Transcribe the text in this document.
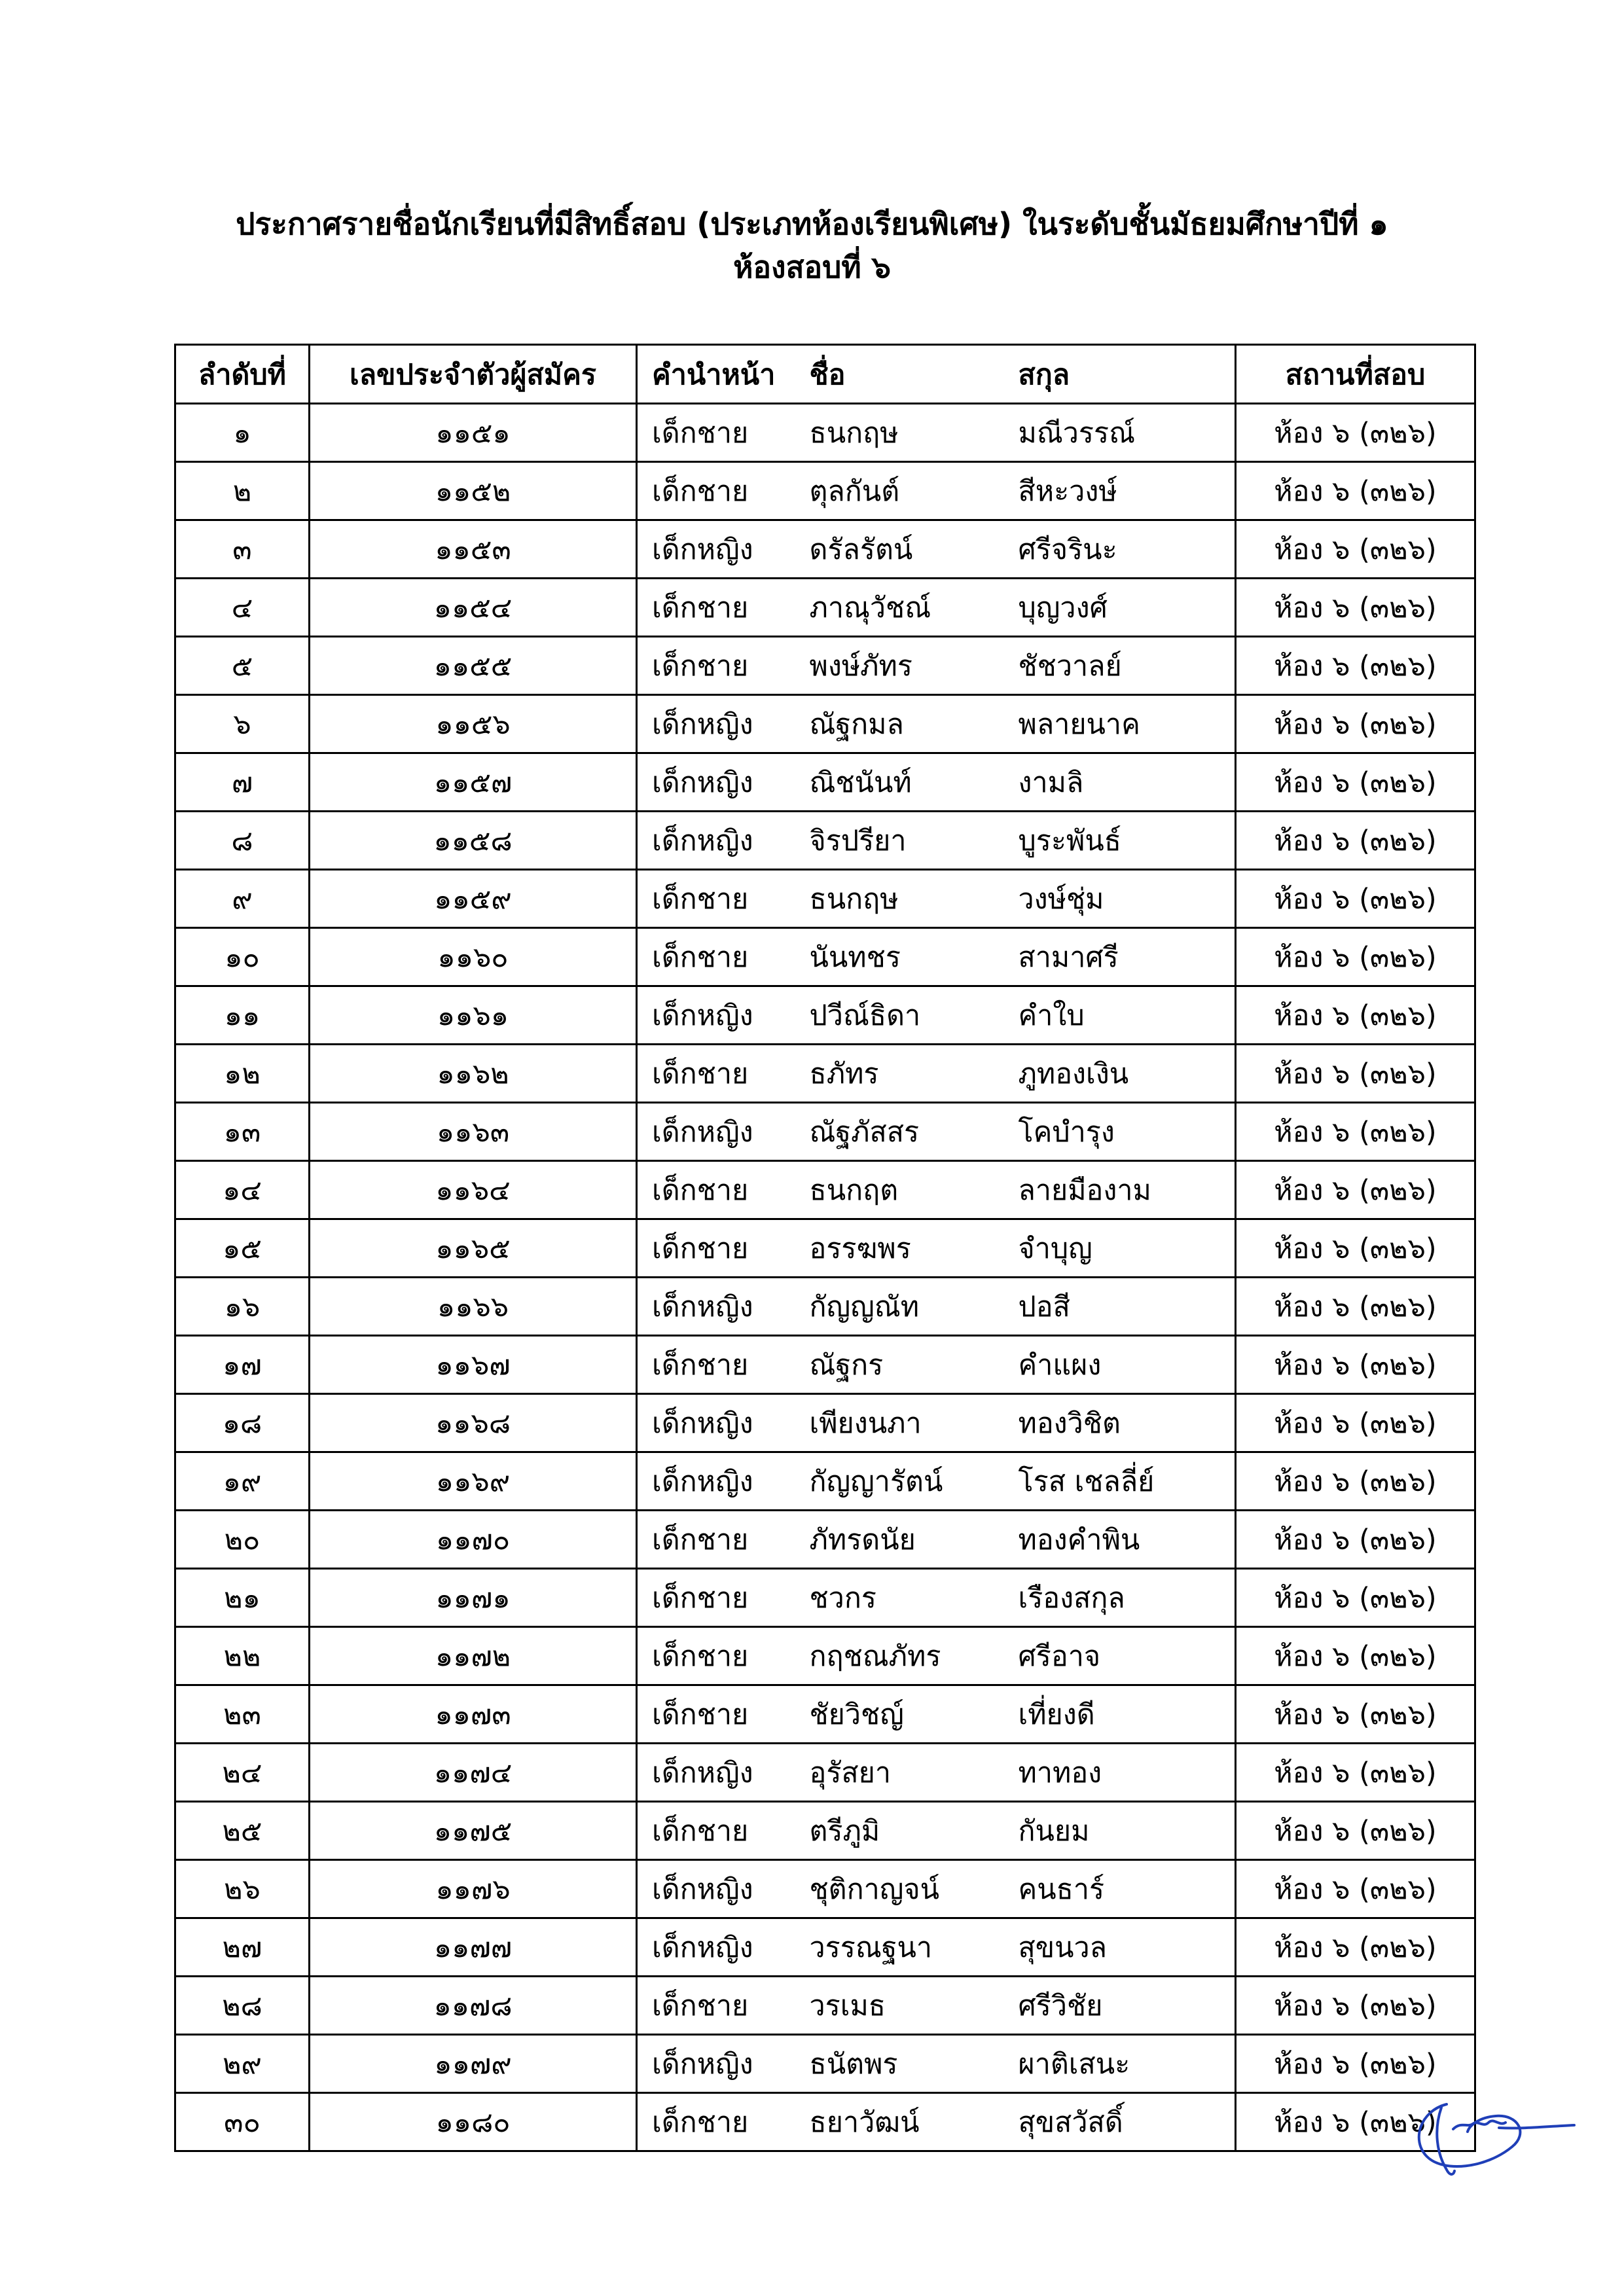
ประกาศรายชื่อนักเรียนที่มีสิทธิ์สอบ (ประเภทห้องเรียนพิเศษ) ในระดับชั้นมัธยมศึกษาปีที่ ๑
ห้องสอบที่ ๖
ลำดับที่	เลขประจำตัวผู้สมัคร	คำนำหน้า	ชื่อ	สกุล	สถานที่สอบ
๑	๑๑๕๑	เด็กชาย	ธนกฤษ	มณีวรรณ์	ห้อง ๖ (๓๒๖)
๒	๑๑๕๒	เด็กชาย	ตุลกันต์	สีหะวงษ์	ห้อง ๖ (๓๒๖)
๓	๑๑๕๓	เด็กหญิง	ดรัลรัตน์	ศรีจรินะ	ห้อง ๖ (๓๒๖)
๔	๑๑๕๔	เด็กชาย	ภาณุวัชณ์	บุญวงศ์	ห้อง ๖ (๓๒๖)
๕	๑๑๕๕	เด็กชาย	พงษ์ภัทร	ชัชวาลย์	ห้อง ๖ (๓๒๖)
๖	๑๑๕๖	เด็กหญิง	ณัฐกมล	พลายนาค	ห้อง ๖ (๓๒๖)
๗	๑๑๕๗	เด็กหญิง	ณิชนันท์	งามลิ	ห้อง ๖ (๓๒๖)
๘	๑๑๕๘	เด็กหญิง	จิรปรียา	บูระพันธ์	ห้อง ๖ (๓๒๖)
๙	๑๑๕๙	เด็กชาย	ธนกฤษ	วงษ์ชุ่ม	ห้อง ๖ (๓๒๖)
๑๐	๑๑๖๐	เด็กชาย	นันทชร	สามาศรี	ห้อง ๖ (๓๒๖)
๑๑	๑๑๖๑	เด็กหญิง	ปวีณ์ธิดา	คำใบ	ห้อง ๖ (๓๒๖)
๑๒	๑๑๖๒	เด็กชาย	ธภัทร	ภูทองเงิน	ห้อง ๖ (๓๒๖)
๑๓	๑๑๖๓	เด็กหญิง	ณัฐภัสสร	โคบำรุง	ห้อง ๖ (๓๒๖)
๑๔	๑๑๖๔	เด็กชาย	ธนกฤต	ลายมืองาม	ห้อง ๖ (๓๒๖)
๑๕	๑๑๖๕	เด็กชาย	อรรฆพร	จำบุญ	ห้อง ๖ (๓๒๖)
๑๖	๑๑๖๖	เด็กหญิง	กัญญณัท	ปอสี	ห้อง ๖ (๓๒๖)
๑๗	๑๑๖๗	เด็กชาย	ณัฐกร	คำแผง	ห้อง ๖ (๓๒๖)
๑๘	๑๑๖๘	เด็กหญิง	เพียงนภา	ทองวิชิต	ห้อง ๖ (๓๒๖)
๑๙	๑๑๖๙	เด็กหญิง	กัญญารัตน์	โรส เชลลี่ย์	ห้อง ๖ (๓๒๖)
๒๐	๑๑๗๐	เด็กชาย	ภัทรดนัย	ทองคำพิน	ห้อง ๖ (๓๒๖)
๒๑	๑๑๗๑	เด็กชาย	ชวกร	เรืองสกุล	ห้อง ๖ (๓๒๖)
๒๒	๑๑๗๒	เด็กชาย	กฤชณภัทร	ศรีอาจ	ห้อง ๖ (๓๒๖)
๒๓	๑๑๗๓	เด็กชาย	ชัยวิชญ์	เที่ยงดี	ห้อง ๖ (๓๒๖)
๒๔	๑๑๗๔	เด็กหญิง	อุรัสยา	ทาทอง	ห้อง ๖ (๓๒๖)
๒๕	๑๑๗๕	เด็กชาย	ตรีภูมิ	กันยม	ห้อง ๖ (๓๒๖)
๒๖	๑๑๗๖	เด็กหญิง	ชุติกาญจน์	คนธาร์	ห้อง ๖ (๓๒๖)
๒๗	๑๑๗๗	เด็กหญิง	วรรณฐนา	สุขนวล	ห้อง ๖ (๓๒๖)
๒๘	๑๑๗๘	เด็กชาย	วรเมธ	ศรีวิชัย	ห้อง ๖ (๓๒๖)
๒๙	๑๑๗๙	เด็กหญิง	ธนัตพร	ผาติเสนะ	ห้อง ๖ (๓๒๖)
๓๐	๑๑๘๐	เด็กชาย	ธยาวัฒน์	สุขสวัสดิ์	ห้อง ๖ (๓๒๖)
